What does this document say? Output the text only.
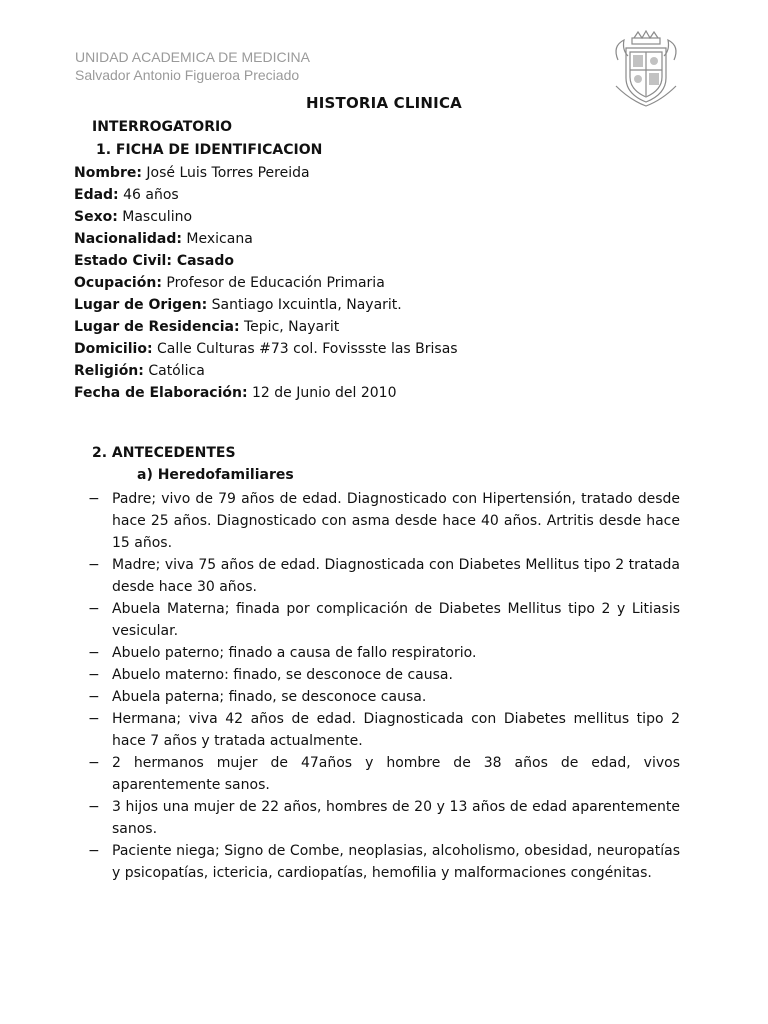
UNIDAD ACADEMICA DE MEDICINA
Salvador Antonio Figueroa Preciado
HISTORIA CLINICA
INTERROGATORIO
1. FICHA DE IDENTIFICACION
Nombre: José Luis Torres Pereida
Edad: 46 años
Sexo: Masculino
Nacionalidad: Mexicana
Estado Civil: Casado
Ocupación: Profesor de Educación Primaria
Lugar de Origen: Santiago Ixcuintla, Nayarit.
Lugar de Residencia: Tepic, Nayarit
Domicilio: Calle Culturas #73 col. Fovissste las Brisas
Religión: Católica
Fecha de Elaboración: 12 de Junio del 2010
2. ANTECEDENTES
a) Heredofamiliares
− Padre; vivo de 79 años de edad. Diagnosticado con Hipertensión, tratado desde hace 25 años. Diagnosticado con asma desde hace 40 años. Artritis desde hace 15 años.
− Madre; viva 75 años de edad. Diagnosticada con Diabetes Mellitus tipo 2 tratada desde hace 30 años.
− Abuela Materna; finada por complicación de Diabetes Mellitus tipo 2 y Litiasis vesicular.
− Abuelo paterno; finado a causa de fallo respiratorio.
− Abuelo materno: finado, se desconoce de causa.
− Abuela paterna; finado, se desconoce causa.
− Hermana; viva 42 años de edad. Diagnosticada con Diabetes mellitus tipo 2 hace 7 años y tratada actualmente.
− 2 hermanos mujer de 47años y hombre de 38 años de edad, vivos aparentemente sanos.
− 3 hijos una mujer de 22 años, hombres de 20 y 13 años de edad aparentemente sanos.
− Paciente niega; Signo de Combe, neoplasias, alcoholismo, obesidad, neuropatías y psicopatías, ictericia, cardiopatías, hemofilia y malformaciones congénitas.
